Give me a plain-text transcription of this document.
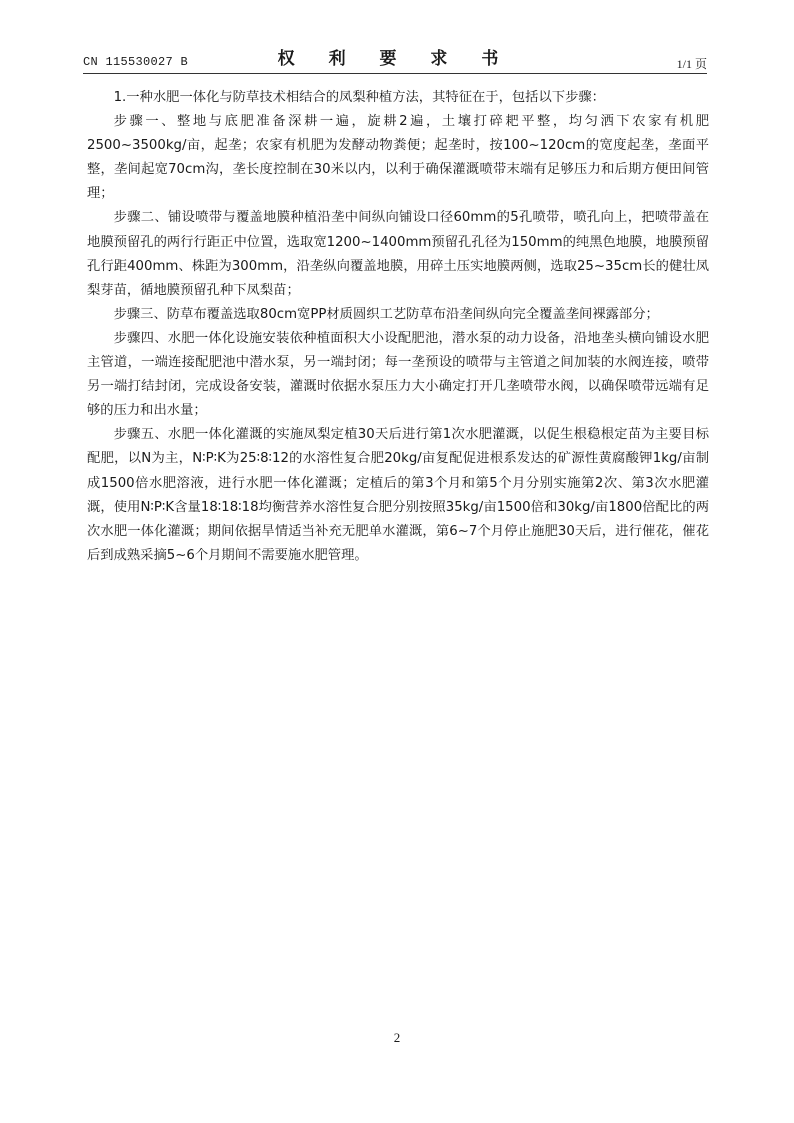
CN 115530027 B	权 利 要 求 书	1/1 页

1.一种水肥一体化与防草技术相结合的凤梨种植方法，其特征在于，包括以下步骤：

步骤一、整地与底肥准备深耕一遍，旋耕2遍，土壤打碎耙平整，均匀洒下农家有机肥2500~3500kg/亩，起垄；农家有机肥为发酵动物粪便；起垄时，按100~120cm的宽度起垄，垄面平整，垄间起宽70cm沟，垄长度控制在30米以内，以利于确保灌溉喷带末端有足够压力和后期方便田间管理；

步骤二、铺设喷带与覆盖地膜种植沿垄中间纵向铺设口径60mm的5孔喷带，喷孔向上，把喷带盖在地膜预留孔的两行行距正中位置，选取宽1200~1400mm预留孔孔径为150mm的纯黑色地膜，地膜预留孔行距400mm、株距为300mm，沿垄纵向覆盖地膜，用碎土压实地膜两侧，选取25~35cm长的健壮凤梨芽苗，循地膜预留孔种下凤梨苗；

步骤三、防草布覆盖选取80cm宽PP材质圆织工艺防草布沿垄间纵向完全覆盖垄间裸露部分；

步骤四、水肥一体化设施安装依种植面积大小设配肥池，潜水泵的动力设备，沿地垄头横向铺设水肥主管道，一端连接配肥池中潜水泵，另一端封闭；每一垄预设的喷带与主管道之间加装的水阀连接，喷带另一端打结封闭，完成设备安装，灌溉时依据水泵压力大小确定打开几垄喷带水阀，以确保喷带远端有足够的压力和出水量；

步骤五、水肥一体化灌溉的实施凤梨定植30天后进行第1次水肥灌溉，以促生根稳根定苗为主要目标配肥，以N为主，N∶P∶K为25∶8∶12的水溶性复合肥20kg/亩复配促进根系发达的矿源性黄腐酸钾1kg/亩制成1500倍水肥溶液，进行水肥一体化灌溉；定植后的第3个月和第5个月分别实施第2次、第3次水肥灌溉，使用N∶P∶K含量18∶18∶18均衡营养水溶性复合肥分别按照35kg/亩1500倍和30kg/亩1800倍配比的两次水肥一体化灌溉；期间依据旱情适当补充无肥单水灌溉，第6~7个月停止施肥30天后，进行催花，催花后到成熟采摘5~6个月期间不需要施水肥管理。

2
